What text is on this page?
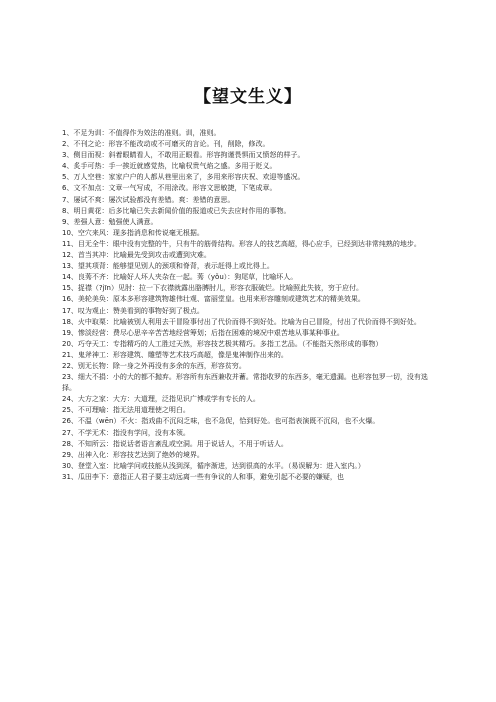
【望文生义】

1、不足为训：不值得作为效法的准则。训，准则。

2、不刊之论：形容不能改动或不可磨灭的言论。刊，削除，修改。

3、侧目而视：斜着眼睛看人，不敢用正眼看。形容拘谨畏惧而又愤怒的样子。

4、炙手可热：手一挨近就感觉热，比喻权贵气焰之盛。多用于贬义。

5、万人空巷：家家户户的人都从巷里出来了，多用来形容庆祝、欢迎等盛况。

6、文不加点：文章一气写成，不用涂改。形容文思敏捷，下笔成章。

7、屡试不爽：屡次试验都没有差错。爽：差错的意思。

8、明日黄花：后多比喻已失去新闻价值的报道或已失去应时作用的事物。

9、差强人意：勉强使人满意。

10、空穴来风：现多指消息和传说毫无根据。

11、目无全牛：眼中没有完整的牛，只有牛的筋骨结构。形容人的技艺高超，得心应手，已经到达非常纯熟的地步。

12、首当其冲：比喻最先受到攻击或遭到灾难。

13、望其项背：能够望见别人的颈项和脊背，表示赶得上或比得上。

14、良莠不齐：比喻好人坏人夹杂在一起。莠（yǒu）：狗尾草，比喻坏人。

15、捉襟（?jīn）见肘：拉一下衣襟就露出胳膊肘儿，形容衣服破烂。比喻照此失彼，穷于应付。

16、美轮美奂：原本多形容建筑物雄伟壮观、富丽堂皇。也用来形容雕刻或建筑艺术的精美效果。

17、叹为观止：赞美看到的事物好到了极点。

18、火中取栗：比喻被别人利用去干冒险事付出了代价而得不到好处。比喻为自己冒险，付出了代价而得不到好处。

19、惨淡经营：费尽心思辛辛苦苦地经营筹划；后指在困难的境况中艰苦地从事某种事业。

20、巧夺天工：专指精巧的人工胜过天然，形容技艺极其精巧。多指工艺品。（不能指天然形成的事物）

21、鬼斧神工：形容建筑、雕塑等艺术技巧高超，像是鬼神制作出来的。

22、别无长物：除一身之外再没有多余的东西，形容贫穷。

23、细大不捐：小的大的都不抛弃。形容所有东西兼收并蓄。常指收罗的东西多，毫无遗漏。也形容包罗一切，没有选择。

24、大方之家：大方：大道理，泛指见识广博或学有专长的人。

25、不可理喻：指无法用道理使之明白。

26、不温（wēn）不火：指戏曲不沉闷乏味，也不急促，恰到好处。也可指表演既不沉闷，也不火爆。

27、不学无术：指没有学问，没有本领。

28、不知所云：指说话者语言紊乱或空洞。用于说话人，不用于听话人。

29、出神入化：形容技艺达到了绝妙的境界。

30、登堂入室：比喻学问或技能从浅到深，循序渐进，达到很高的水平。（易误解为：进入室内。）

31、瓜田李下：意指正人君子要主动远离一些有争议的人和事，避免引起不必要的嫌疑，也
